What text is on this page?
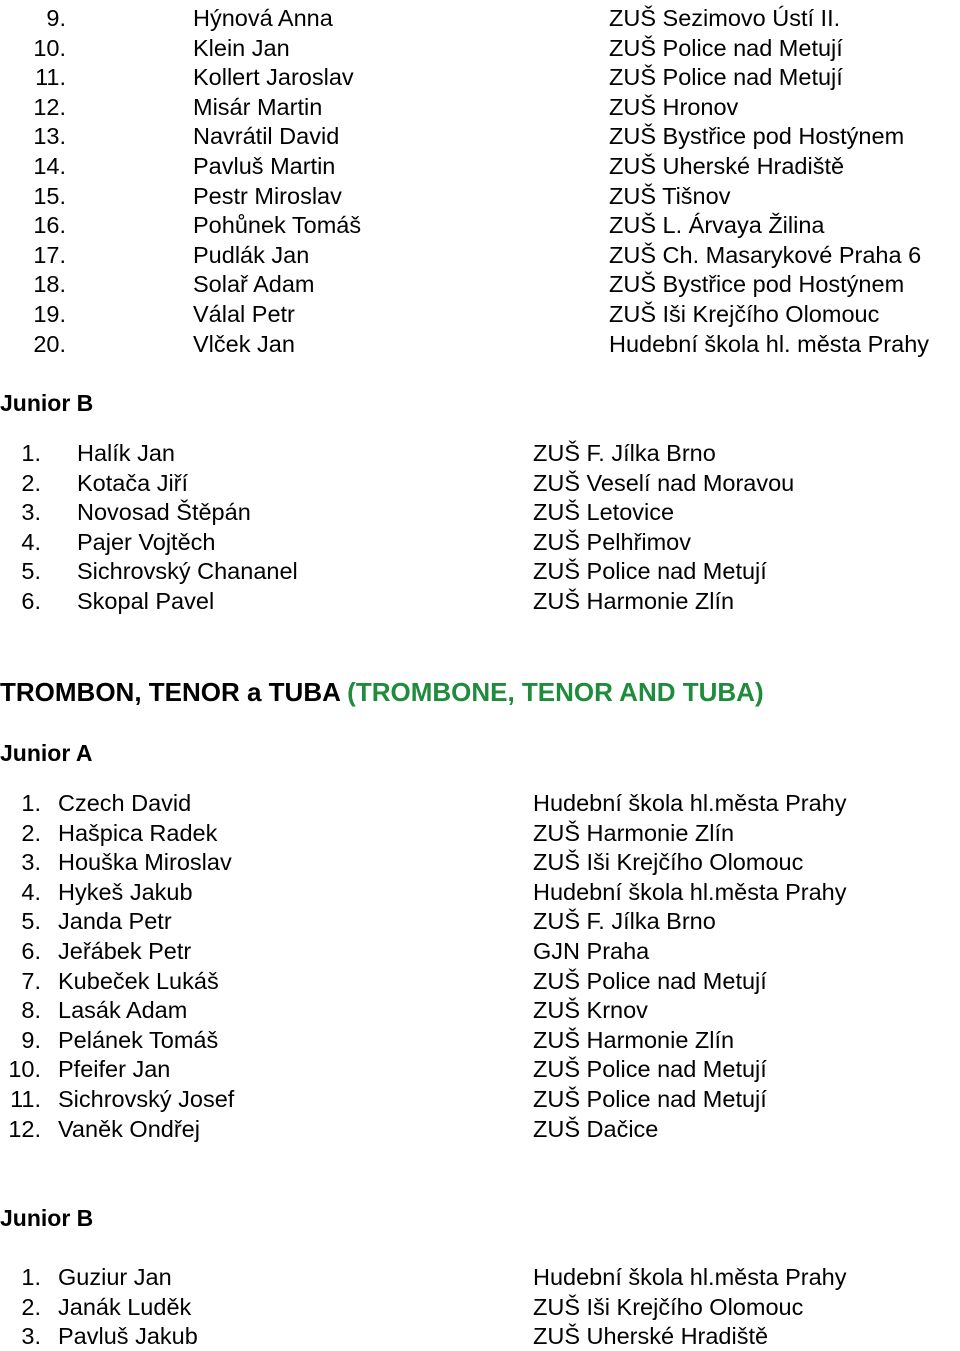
9.	Hýnová Anna	ZUŠ Sezimovo Ústí II.
10.	Klein Jan	ZUŠ Police nad Metují
11.	Kollert Jaroslav	ZUŠ Police nad Metují
12.	Misár Martin	ZUŠ Hronov
13.	Navrátil David	ZUŠ Bystřice pod Hostýnem
14.	Pavluš Martin	ZUŠ Uherské Hradiště
15.	Pestr Miroslav	ZUŠ Tišnov
16.	Pohůnek Tomáš	ZUŠ L. Árvaya Žilina
17.	Pudlák Jan	ZUŠ Ch. Masarykové Praha 6
18.	Solař Adam	ZUŠ Bystřice pod Hostýnem
19.	Válal Petr	ZUŠ Iši Krejčího Olomouc
20.	Vlček Jan	Hudební škola hl. města Prahy
Junior B
1. Halík Jan	ZUŠ F. Jílka Brno
2. Kotača Jiří	ZUŠ Veselí nad Moravou
3. Novosad Štěpán	ZUŠ Letovice
4. Pajer Vojtěch	ZUŠ Pelhřimov
5. Sichrovský Chananel	ZUŠ Police nad Metují
6. Skopal Pavel	ZUŠ Harmonie Zlín
TROMBON, TENOR a TUBA (TROMBONE, TENOR AND TUBA)
Junior A
1. Czech David	Hudební škola hl.města Prahy
2. Hašpica Radek	ZUŠ Harmonie Zlín
3. Houška Miroslav	ZUŠ Iši Krejčího Olomouc
4. Hykeš Jakub	Hudební škola hl.města Prahy
5. Janda Petr	ZUŠ F. Jílka Brno
6. Jeřábek Petr	GJN Praha
7. Kubeček Lukáš	ZUŠ Police nad Metují
8. Lasák Adam	ZUŠ Krnov
9. Pelánek Tomáš	ZUŠ Harmonie Zlín
10. Pfeifer Jan	ZUŠ Police nad Metují
11. Sichrovský Josef	ZUŠ Police nad Metují
12. Vaněk Ondřej	ZUŠ Dačice
Junior B
1. Guziur Jan	Hudební škola hl.města Prahy
2. Janák Luděk	ZUŠ Iši Krejčího Olomouc
3. Pavluš Jakub	ZUŠ Uherské Hradiště
